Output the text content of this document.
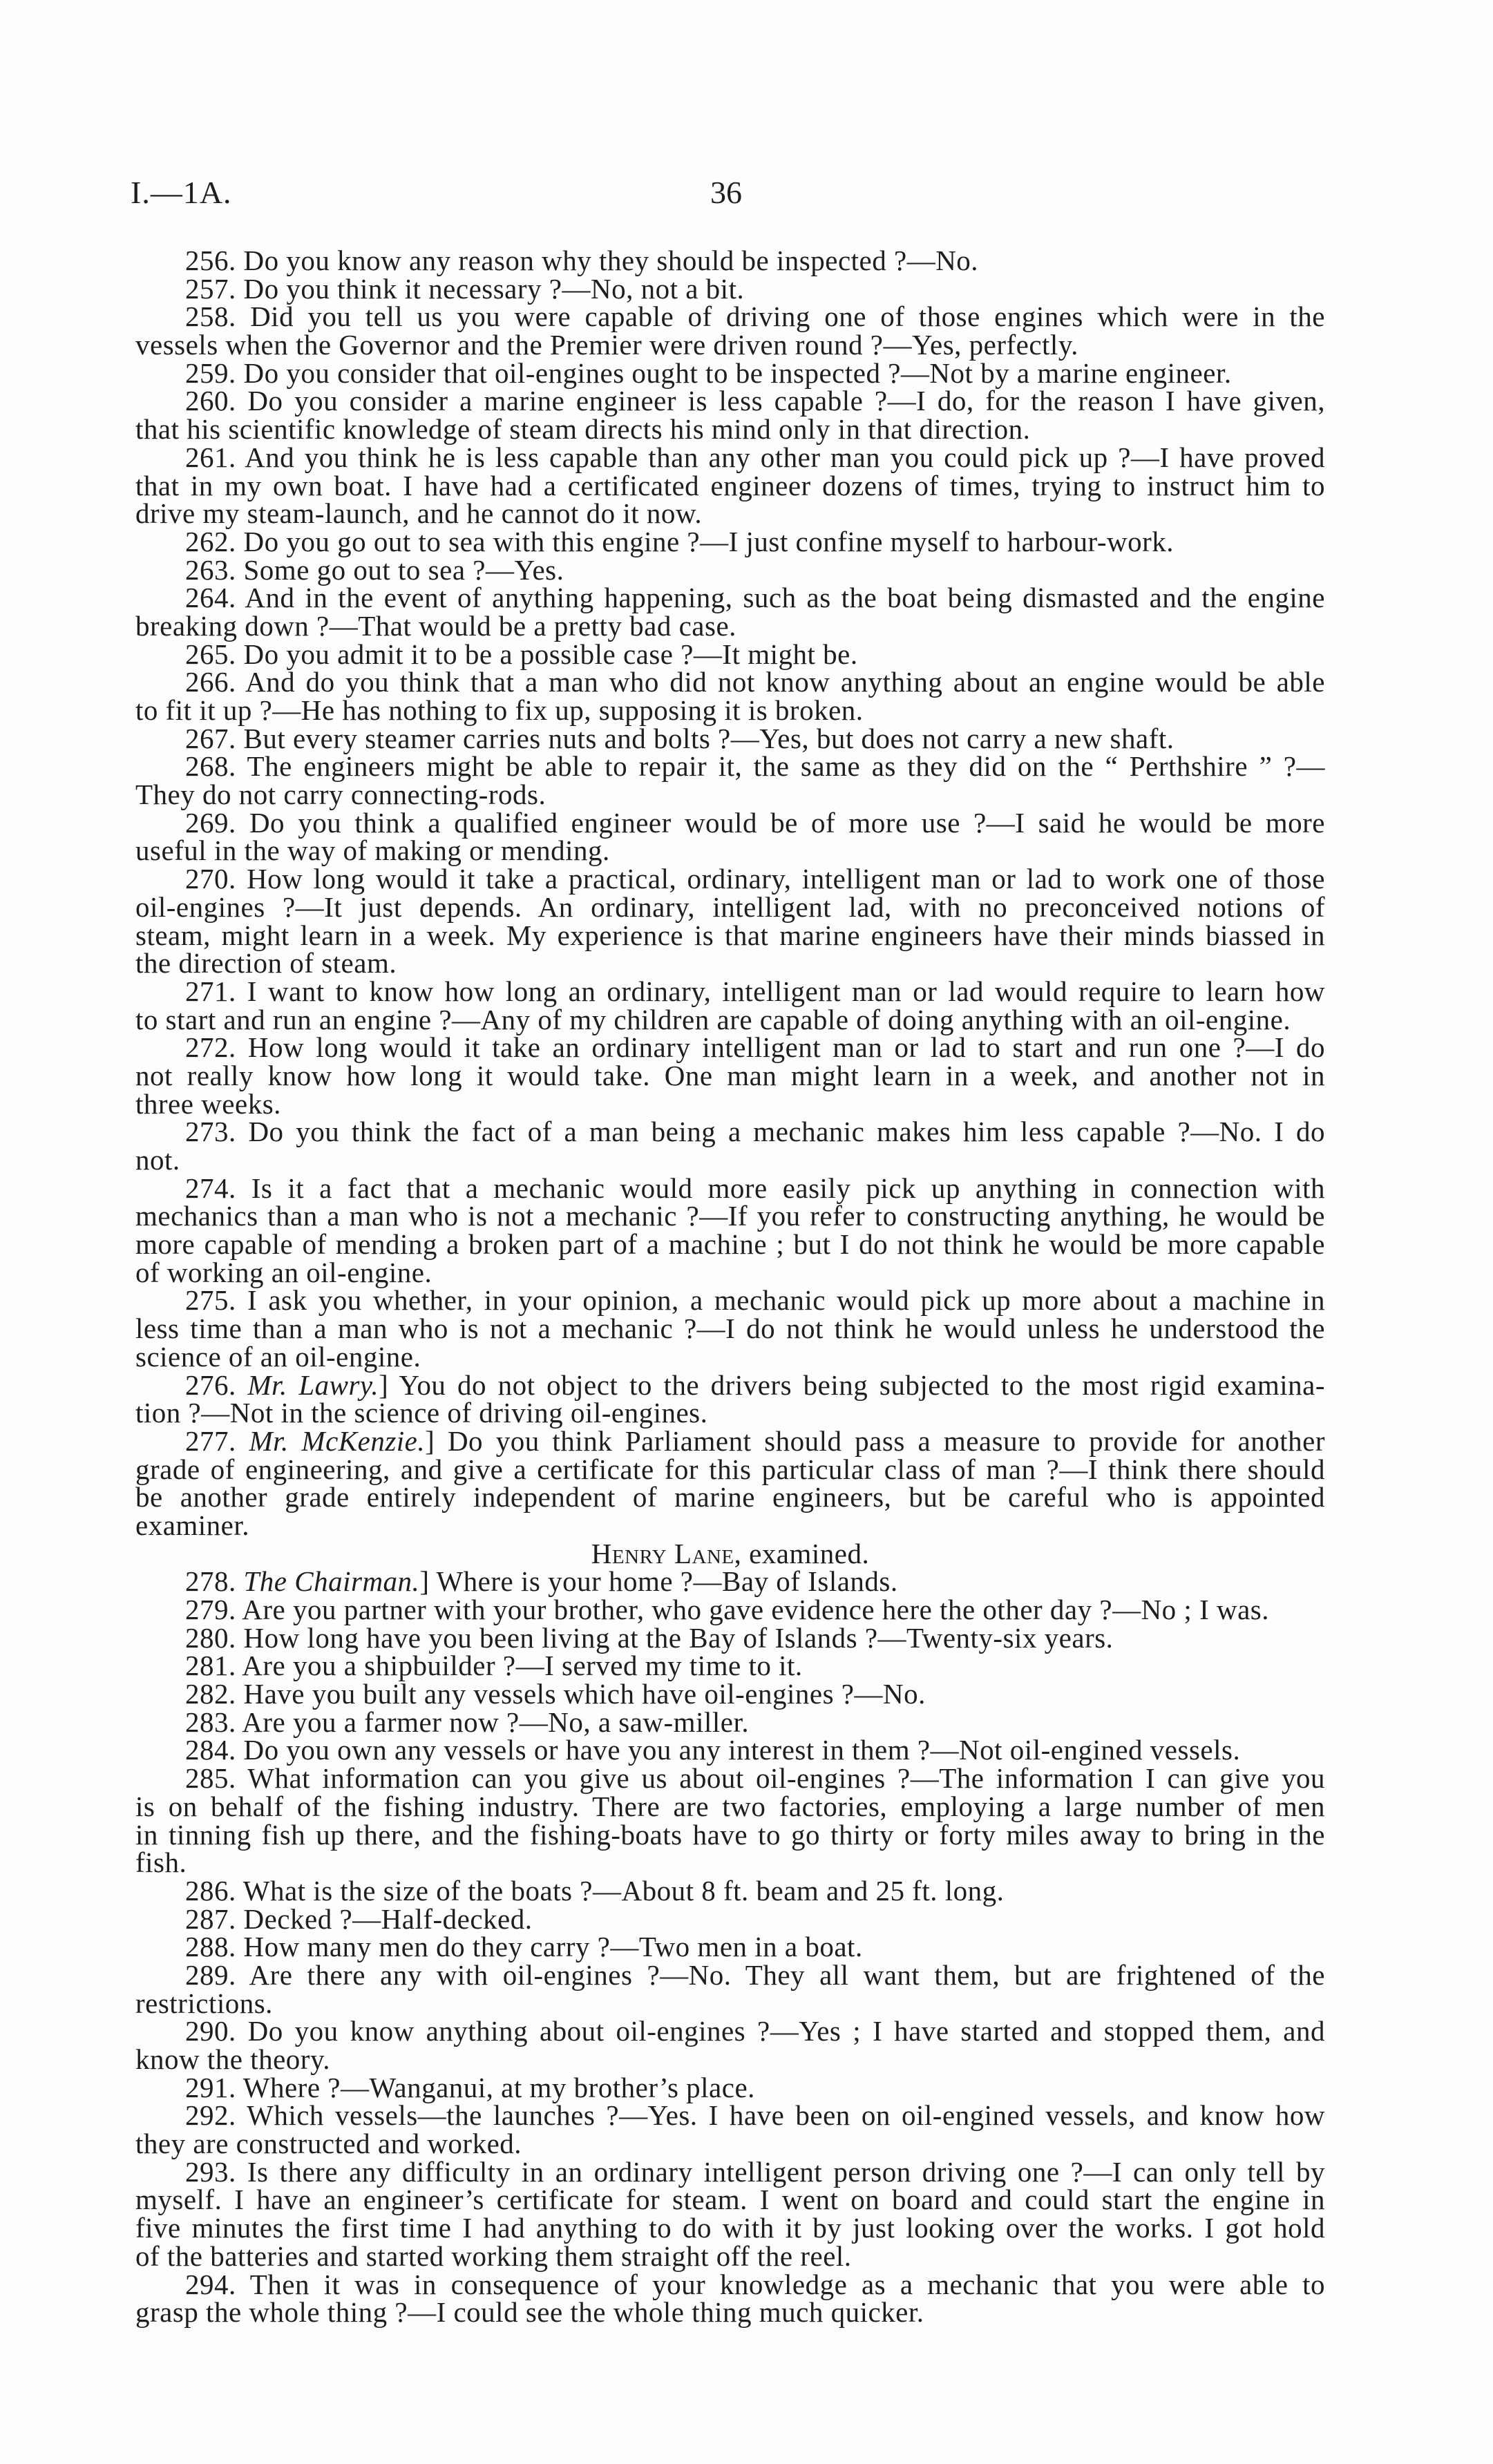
I.—1A.	36
256. Do you know any reason why they should be inspected ?—No.
257. Do you think it necessary ?—No, not a bit.
258. Did you tell us you were capable of driving one of those engines which were in the
vessels when the Governor and the Premier were driven round ?—Yes, perfectly.
259. Do you consider that oil-engines ought to be inspected ?—Not by a marine engineer.
260. Do you consider a marine engineer is less capable ?—I do, for the reason I have given,
that his scientific knowledge of steam directs his mind only in that direction.
261. And you think he is less capable than any other man you could pick up ?—I have proved
that in my own boat. I have had a certificated engineer dozens of times, trying to instruct him to
drive my steam-launch, and he cannot do it now.
262. Do you go out to sea with this engine ?—I just confine myself to harbour-work.
263. Some go out to sea ?—Yes.
264. And in the event of anything happening, such as the boat being dismasted and the engine
breaking down ?—That would be a pretty bad case.
265. Do you admit it to be a possible case ?—It might be.
266. And do you think that a man who did not know anything about an engine would be able
to fit it up ?—He has nothing to fix up, supposing it is broken.
267. But every steamer carries nuts and bolts ?—Yes, but does not carry a new shaft.
268. The engineers might be able to repair it, the same as they did on the “ Perthshire ” ?—
They do not carry connecting-rods.
269. Do you think a qualified engineer would be of more use ?—I said he would be more
useful in the way of making or mending.
270. How long would it take a practical, ordinary, intelligent man or lad to work one of those
oil-engines ?—It just depends. An ordinary, intelligent lad, with no preconceived notions of
steam, might learn in a week. My experience is that marine engineers have their minds biassed in
the direction of steam.
271. I want to know how long an ordinary, intelligent man or lad would require to learn how
to start and run an engine ?—Any of my children are capable of doing anything with an oil-engine.
272. How long would it take an ordinary intelligent man or lad to start and run one ?—I do
not really know how long it would take. One man might learn in a week, and another not in
three weeks.
273. Do you think the fact of a man being a mechanic makes him less capable ?—No. I do
not.
274. Is it a fact that a mechanic would more easily pick up anything in connection with
mechanics than a man who is not a mechanic ?—If you refer to constructing anything, he would be
more capable of mending a broken part of a machine ; but I do not think he would be more capable
of working an oil-engine.
275. I ask you whether, in your opinion, a mechanic would pick up more about a machine in
less time than a man who is not a mechanic ?—I do not think he would unless he understood the
science of an oil-engine.
276. Mr. Lawry.] You do not object to the drivers being subjected to the most rigid examina-
tion ?—Not in the science of driving oil-engines.
277. Mr. McKenzie.] Do you think Parliament should pass a measure to provide for another
grade of engineering, and give a certificate for this particular class of man ?—I think there should
be another grade entirely independent of marine engineers, but be careful who is appointed
examiner.
Henry Lane, examined.
278. The Chairman.] Where is your home ?—Bay of Islands.
279. Are you partner with your brother, who gave evidence here the other day ?—No ; I was.
280. How long have you been living at the Bay of Islands ?—Twenty-six years.
281. Are you a shipbuilder ?—I served my time to it.
282. Have you built any vessels which have oil-engines ?—No.
283. Are you a farmer now ?—No, a saw-miller.
284. Do you own any vessels or have you any interest in them ?—Not oil-engined vessels.
285. What information can you give us about oil-engines ?—The information I can give you
is on behalf of the fishing industry. There are two factories, employing a large number of men
in tinning fish up there, and the fishing-boats have to go thirty or forty miles away to bring in the
fish.
286. What is the size of the boats ?—About 8 ft. beam and 25 ft. long.
287. Decked ?—Half-decked.
288. How many men do they carry ?—Two men in a boat.
289. Are there any with oil-engines ?—No. They all want them, but are frightened of the
restrictions.
290. Do you know anything about oil-engines ?—Yes ; I have started and stopped them, and
know the theory.
291. Where ?—Wanganui, at my brother’s place.
292. Which vessels—the launches ?—Yes. I have been on oil-engined vessels, and know how
they are constructed and worked.
293. Is there any difficulty in an ordinary intelligent person driving one ?—I can only tell by
myself. I have an engineer’s certificate for steam. I went on board and could start the engine in
five minutes the first time I had anything to do with it by just looking over the works. I got hold
of the batteries and started working them straight off the reel.
294. Then it was in consequence of your knowledge as a mechanic that you were able to
grasp the whole thing ?—I could see the whole thing much quicker.
